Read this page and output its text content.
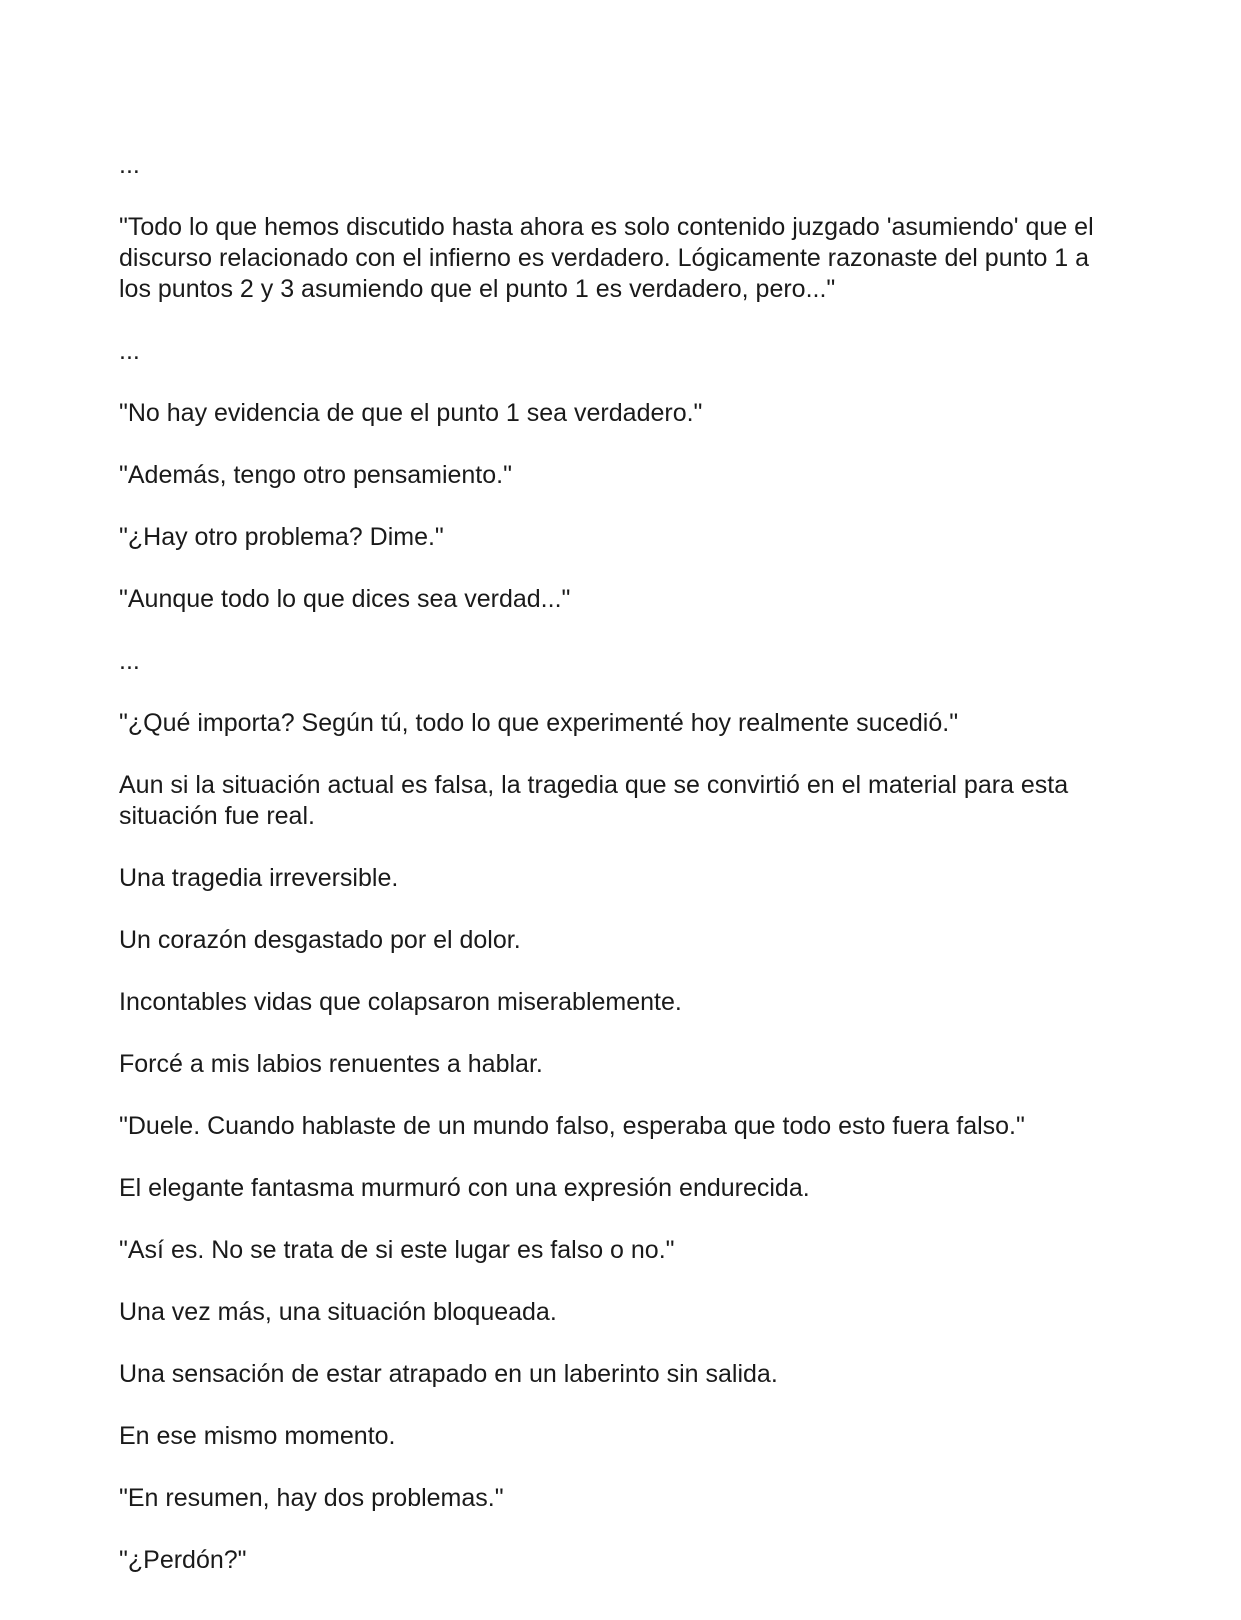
...

"Todo lo que hemos discutido hasta ahora es solo contenido juzgado 'asumiendo' que el discurso relacionado con el infierno es verdadero. Lógicamente razonaste del punto 1 a los puntos 2 y 3 asumiendo que el punto 1 es verdadero, pero..."

...

"No hay evidencia de que el punto 1 sea verdadero."

"Además, tengo otro pensamiento."

"¿Hay otro problema? Dime."

"Aunque todo lo que dices sea verdad..."

...

"¿Qué importa? Según tú, todo lo que experimenté hoy realmente sucedió."

Aun si la situación actual es falsa, la tragedia que se convirtió en el material para esta situación fue real.

Una tragedia irreversible.

Un corazón desgastado por el dolor.

Incontables vidas que colapsaron miserablemente.

Forcé a mis labios renuentes a hablar.

"Duele. Cuando hablaste de un mundo falso, esperaba que todo esto fuera falso."

El elegante fantasma murmuró con una expresión endurecida.

"Así es. No se trata de si este lugar es falso o no."

Una vez más, una situación bloqueada.

Una sensación de estar atrapado en un laberinto sin salida.

En ese mismo momento.

"En resumen, hay dos problemas."

"¿Perdón?"
